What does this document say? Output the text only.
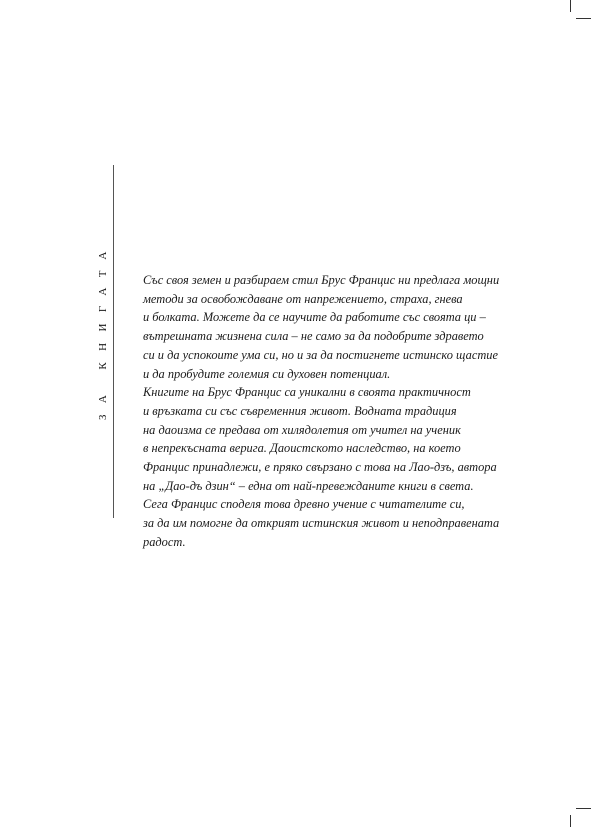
ЗА КНИГАТА	Със своя земен и разбираем стил Брус Франциc ни предлага мощни
методи за освобождаване от напрежението, страха, гнева
и болката. Можете да се научите да работите със своята ци –
вътрешната жизнена сила – не само за да подобрите здравето
си и да успокоите ума си, но и за да постигнете истинско щастие
и да пробудите големия си духовен потенциал.
Книгите на Брус Франциc са уникални в своята практичност
и връзката си със съвременния живот. Водната традиция
на даоизма се предава от хилядолетия от учител на ученик
в непрекъсната верига. Даоистското наследство, на което
Франциc принадлежи, е пряко свързано с това на Лао-дзъ, автора
на „Дао-дъ дзин“ – една от най-превежданите книги в света.
Сега Франциc споделя това древно учение с читателите си,
за да им помогне да открият истинския живот и неподправената
радост.
